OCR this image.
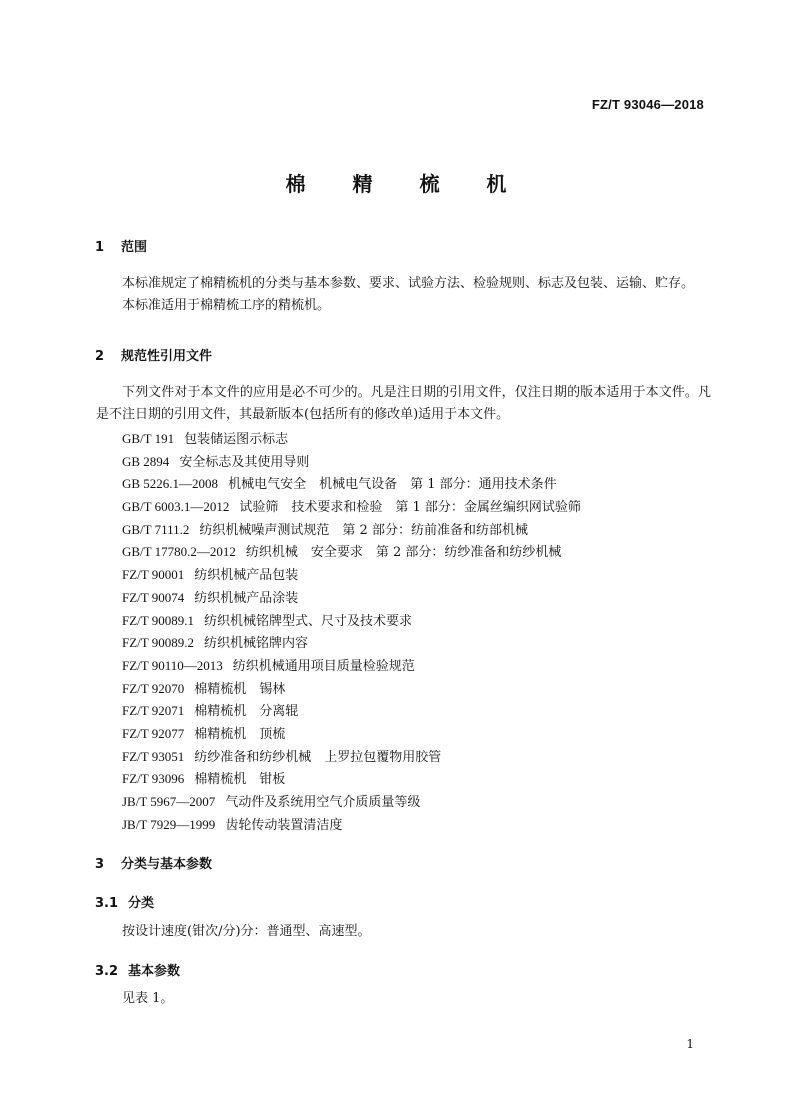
FZ/T 93046—2018
棉 精 梳 机
1 范围
本标准规定了棉精梳机的分类与基本参数、要求、试验方法、检验规则、标志及包装、运输、贮存。
本标准适用于棉精梳工序的精梳机。
2 规范性引用文件
下列文件对于本文件的应用是必不可少的。凡是注日期的引用文件，仅注日期的版本适用于本文件。凡是不注日期的引用文件，其最新版本(包括所有的修改单)适用于本文件。
GB/T 191 包装储运图示标志
GB 2894 安全标志及其使用导则
GB 5226.1—2008 机械电气安全　机械电气设备　第 1 部分：通用技术条件
GB/T 6003.1—2012 试验筛　技术要求和检验　第 1 部分：金属丝编织网试验筛
GB/T 7111.2 纺织机械噪声测试规范　第 2 部分：纺前准备和纺部机械
GB/T 17780.2—2012 纺织机械　安全要求　第 2 部分：纺纱准备和纺纱机械
FZ/T 90001 纺织机械产品包装
FZ/T 90074 纺织机械产品涂装
FZ/T 90089.1 纺织机械铭牌型式、尺寸及技术要求
FZ/T 90089.2 纺织机械铭牌内容
FZ/T 90110—2013 纺织机械通用项目质量检验规范
FZ/T 92070 棉精梳机　锡林
FZ/T 92071 棉精梳机　分离辊
FZ/T 92077 棉精梳机　顶梳
FZ/T 93051 纺纱准备和纺纱机械　上罗拉包覆物用胶管
FZ/T 93096 棉精梳机　钳板
JB/T 5967—2007 气动件及系统用空气介质质量等级
JB/T 7929—1999 齿轮传动装置清洁度
3 分类与基本参数
3.1 分类
按设计速度(钳次/分)分：普通型、高速型。
3.2 基本参数
见表 1。
1
